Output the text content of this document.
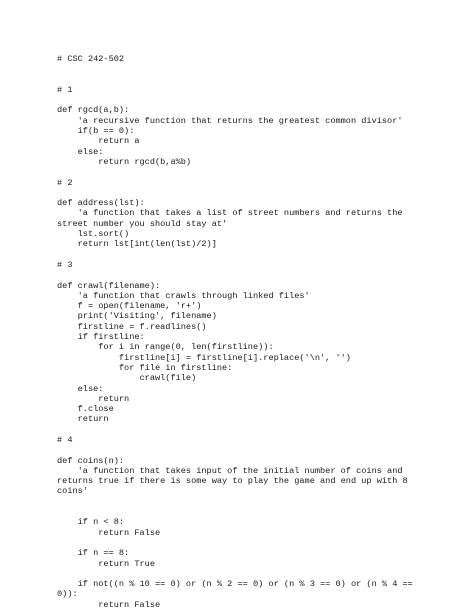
# CSC 242-502
# 1
def rgcd(a,b):
'a recursive function that returns the greatest common divisor'
if(b == 0):
return a
else:
return rgcd(b,a%b)
# 2
def address(lst):
'a function that takes a list of street numbers and returns the
street number you should stay at'
lst.sort()
return lst[int(len(lst)/2)]
# 3
def crawl(filename):
'a function that crawls through linked files'
f = open(filename, 'r+')
print('Visiting', filename)
firstline = f.readlines()
if firstline:
for i in range(0, len(firstline)):
firstline[i] = firstline[i].replace('\n', '')
for file in firstline:
crawl(file)
else:
return
f.close
return
# 4
def coins(n):
'a function that takes input of the initial number of coins and
returns true if there is some way to play the game and end up with 8
coins'
if n < 8:
return False
if n == 8:
return True
if not((n % 10 == 0) or (n % 2 == 0) or (n % 3 == 0) or (n % 4 ==
0)):
return False
